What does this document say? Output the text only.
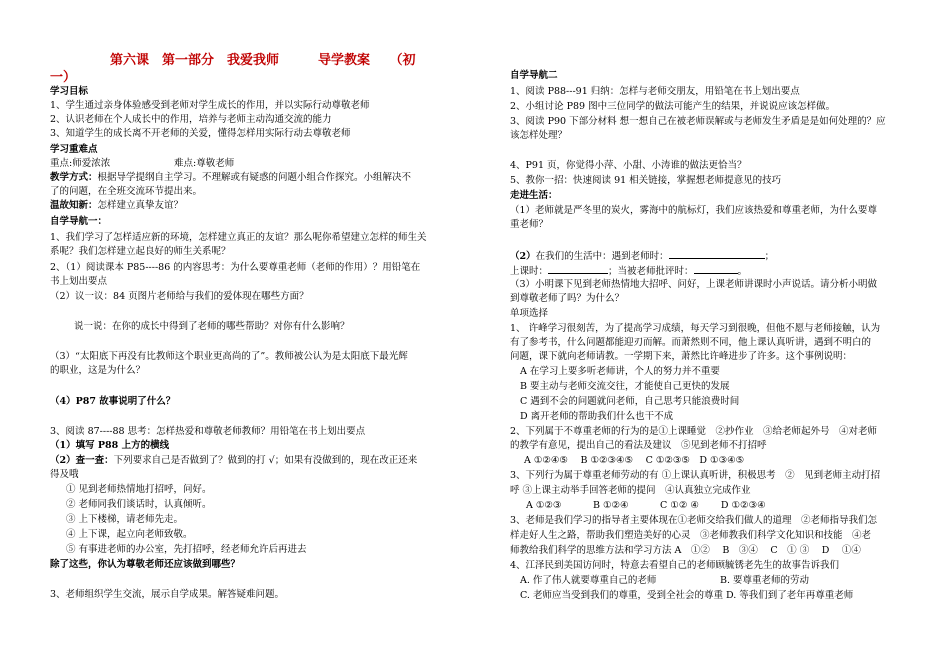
第六课　第一部分　我爱我师　　　导学教案　　（初
一）
学习目标
1、学生通过亲身体验感受到老师对学生成长的作用，并以实际行动尊敬老师
2、认识老师在个人成长中的作用，培养与老师主动沟通交流的能力
3、知道学生的成长离不开老师的关爱，懂得怎样用实际行动去尊敬老师
学习重难点
重点:师爱浓浓	难点:尊敬老师
教学方式：根据导学提纲自主学习。不理解或有疑惑的问题小组合作探究。小组解决不
了的问题，在全班交流环节提出来。
温故知新：怎样建立真挚友谊？
自学导航一：
1、我们学习了怎样适应新的环境，怎样建立真正的友谊？那么呢你希望建立怎样的师生关
系呢？我们怎样建立起良好的师生关系呢？
2、（1）阅读课本 P85----86 的内容思考：为什么要尊重老师（老师的作用）？用铅笔在
书上划出要点
（2）议一议：84 页图片老师给与我们的爱体现在哪些方面？
说一说：在你的成长中得到了老师的哪些帮助？对你有什么影响？
（3）“太阳底下再没有比教师这个职业更高尚的了”。教师被公认为是太阳底下最光辉
的职业，这是为什么？
（4）P87 故事说明了什么？
3、阅读 87----88 思考：怎样热爱和尊敬老师教师？用铅笔在书上划出要点
（1）填写 P88 上方的横线
（2）查一查：下列要求自己是否做到了？做到的打 √；如果有没做到的，现在改正还来
得及哦
① 见到老师热情地打招呼，问好。
② 老师同我们谈话时，认真倾听。
③ 上下楼梯，请老师先走。
④ 上下课，起立向老师致敬。
⑤ 有事进老师的办公室，先打招呼，经老师允许后再进去
除了这些，你认为尊敬老师还应该做到哪些？
3、老师组织学生交流，展示自学成果。解答疑难问题。
自学导航二
1、阅读 P88---91 归纳：怎样与老师交朋友，用铅笔在书上划出要点
2、小组讨论 P89 图中三位同学的做法可能产生的结果，并说说应该怎样做。
3、阅读 P90 下部分材料 想一想自己在被老师误解或与老师发生矛盾是是如何处理的？应
该怎样处理？
4、P91 页，你觉得小萍、小甜、小涛谁的做法更恰当？
5、教你一招：快速阅读 91 相关链接，掌握想老师提意见的技巧
走进生活：
（1）老师就是严冬里的炭火，雾海中的航标灯，我们应该热爱和尊重老师，为什么要尊
重老师？
（2）在我们的生活中：遇到老师时：	；
上课时：	；当被老师批评时：	。
（3）小明课下见到老师热情地大招呼、问好，上课老师讲课时小声说话。请分析小明做
到尊敬老师了吗？为什么？
单项选择
1、 许峰学习很刻苦，为了提高学习成绩，每天学习到很晚，但他不愿与老师接触，认为
有了参考书，什么问题都能迎刃而解。而萧然则不同，他上课认真听讲，遇到不明白的
问题，课下就向老师请教。一学期下来，萧然比许峰进步了许多。这个事例说明：
A 在学习上要多听老师讲，个人的努力并不重要
B 要主动与老师交流交往，才能使自己更快的发展
C 遇到不会的问题就问老师，自己思考只能浪费时间
D 离开老师的帮助我们什么也干不成
2、下列属于不尊重老师的行为的是①上课睡觉　②抄作业　③给老师起外号　④对老师
的教学有意见，提出自己的看法及建议　⑤见到老师不打招呼
A ①②④⑤　 B ①②③④⑤　 C ①②③⑤　D ①③④⑤
3、下列行为属于尊重老师劳动的有 ①上课认真听讲，积极思考　②　见到老师主动打招
呼 ③上课主动举手回答老师的提问　④认真独立完成作业
A ①②③　　　 B ①②④　　　 C ①② ④　　 D ①②③④
3、老师是我们学习的指导者主要体现在①老师交给我们做人的道理　②老师指导我们怎
样走好人生之路，帮助我们塑造美好的心灵　③老师教我们科学文化知识和技能　④老
师教给我们科学的思维方法和学习方法 A　①②　 B　③④　 C　① ③　 D　 ①④
4、江泽民到美国访问时，特意去看望自己的老师顾毓锈老先生的故事告诉我们
A. 作了伟人就要尊重自己的老师	B. 要尊重老师的劳动
C. 老师应当受到我们的尊重，受到全社会的尊重 D. 等我们到了老年再尊重老师
